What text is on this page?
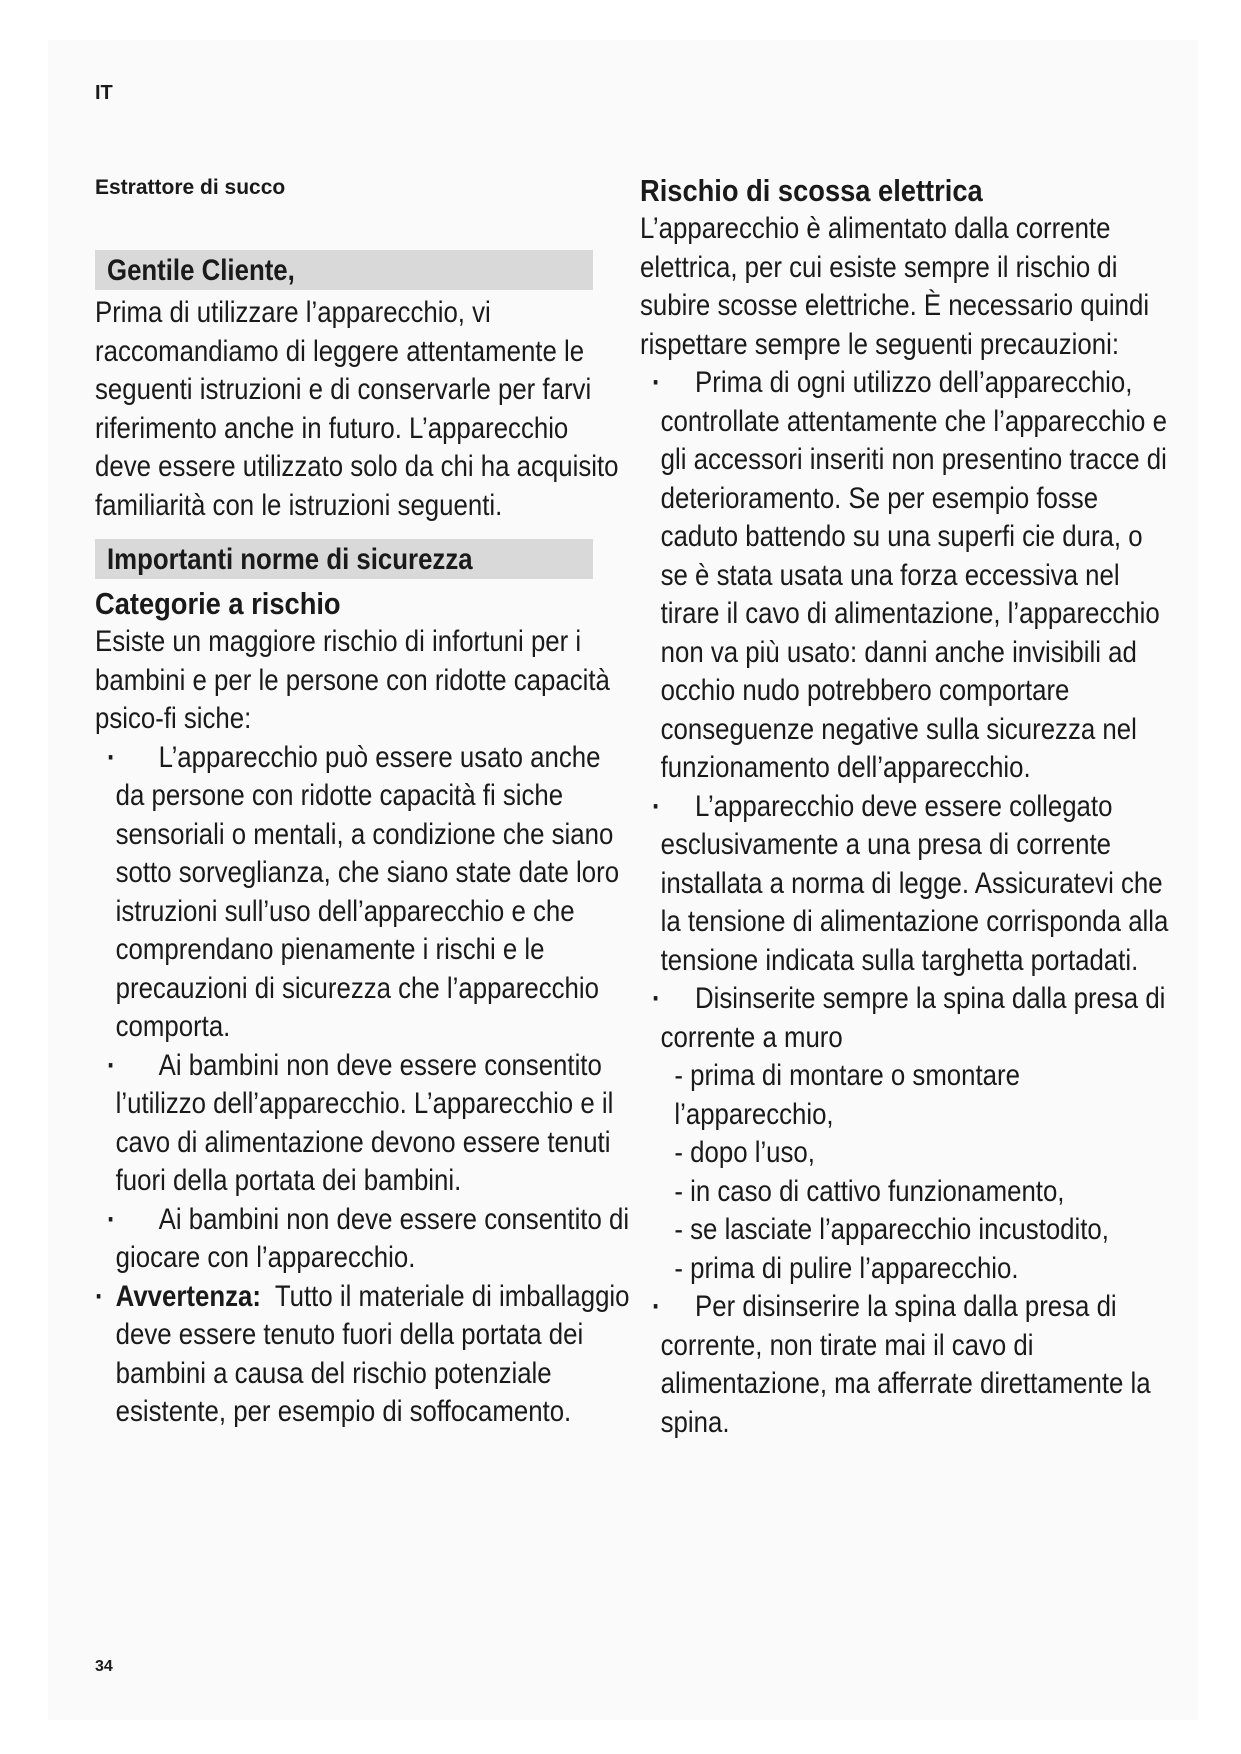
IT
Estrattore di succo
Gentile Cliente,
Prima di utilizzare l’apparecchio, vi raccomandiamo di leggere attentamente le seguenti istruzioni e di conservarle per farvi riferimento anche in futuro. L’apparecchio deve essere utilizzato solo da chi ha acquisito familiarità con le istruzioni seguenti.
Importanti norme di sicurezza
Categorie a rischio
Esiste un maggiore rischio di infortuni per i bambini e per le persone con ridotte capacità psico-fi siche:
· L’apparecchio può essere usato anche da persone con ridotte capacità fi siche sensoriali o mentali, a condizione che siano sotto sorveglianza, che siano state date loro istruzioni sull’uso dell’apparecchio e che comprendano pienamente i rischi e le precauzioni di sicurezza che l’apparecchio comporta.
· Ai bambini non deve essere consentito l’utilizzo dell’apparecchio. L’apparecchio e il cavo di alimentazione devono essere tenuti fuori della portata dei bambini.
· Ai bambini non deve essere consentito di giocare con l’apparecchio.
· Avvertenza: Tutto il materiale di imballaggio deve essere tenuto fuori della portata dei bambini a causa del rischio potenziale esistente, per esempio di soffocamento.
Rischio di scossa elettrica
L’apparecchio è alimentato dalla corrente elettrica, per cui esiste sempre il rischio di subire scosse elettriche. È necessario quindi rispettare sempre le seguenti precauzioni:
· Prima di ogni utilizzo dell’apparecchio, controllate attentamente che l’apparecchio e gli accessori inseriti non presentino tracce di deterioramento. Se per esempio fosse caduto battendo su una superfi cie dura, o se è stata usata una forza eccessiva nel tirare il cavo di alimentazione, l’apparecchio non va più usato: danni anche invisibili ad occhio nudo potrebbero comportare conseguenze negative sulla sicurezza nel funzionamento dell’apparecchio.
· L’apparecchio deve essere collegato esclusivamente a una presa di corrente installata a norma di legge. Assicuratevi che la tensione di alimentazione corrisponda alla tensione indicata sulla targhetta portadati.
· Disinserite sempre la spina dalla presa di corrente a muro
- prima di montare o smontare l’apparecchio,
- dopo l’uso,
- in caso di cattivo funzionamento,
- se lasciate l’apparecchio incustodito,
- prima di pulire l’apparecchio.
· Per disinserire la spina dalla presa di corrente, non tirate mai il cavo di alimentazione, ma afferrate direttamente la spina.
34
